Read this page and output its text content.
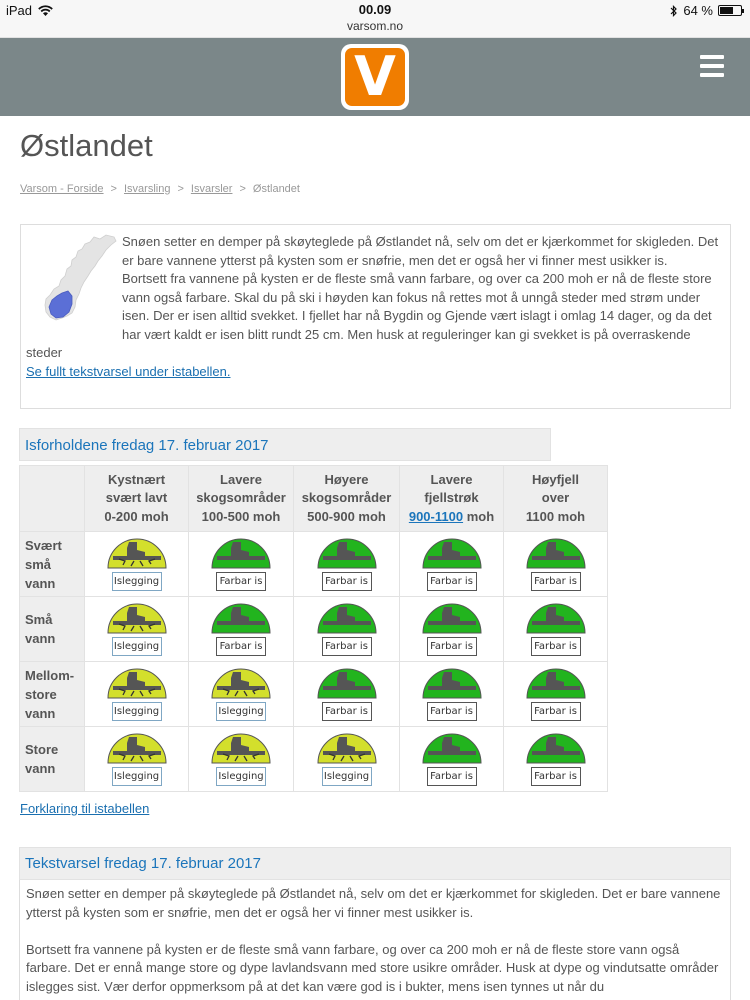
iPad	00.09
varsom.no
64 %
V
Østlandet
Varsom - Forside > Isvarsling > Isvarsler > Østlandet
Snøen setter en demper på skøyteglede på Østlandet nå, selv om det er kjærkommet for skigleden. Det er bare vannene ytterst på kysten som er snøfrie, men det er også her vi finner mest usikker is.
Bortsett fra vannene på kysten er de fleste små vann farbare, og over ca 200 moh er nå de fleste store vann også farbare. Skal du på ski i høyden kan fokus nå rettes mot å unngå steder med strøm under isen. Der er isen alltid svekket. I fjellet har nå Bygdin og Gjende vært islagt i omlag 14 dager, og da det har vært kaldt er isen blitt rundt 25 cm. Men husk at reguleringer kan gi svekket is på overraskende steder
Se fullt tekstvarsel under istabellen.
Isforholdene fredag 17. februar 2017
	Kystnært
svært lavt
0-200 moh	Lavere
skogsområder
100-500 moh	Høyere
skogsområder
500-900 moh	Lavere
fjellstrøk
900-1100 moh	Høyfjell
over
1100 moh
Svært
små
vann	Islegging	Farbar is	Farbar is	Farbar is	Farbar is

Små
vann	Islegging	Farbar is	Farbar is	Farbar is	Farbar is

Mellom-
store
vann	Islegging	Islegging	Farbar is	Farbar is	Farbar is

Store
vann	Islegging	Islegging	Islegging	Farbar is	Farbar is
Forklaring til istabellen
Tekstvarsel fredag 17. februar 2017

Snøen setter en demper på skøyteglede på Østlandet nå, selv om det er kjærkommet for skigleden. Det er bare vannene ytterst på kysten som er snøfrie, men det er også her vi finner mest usikker is.

Bortsett fra vannene på kysten er de fleste små vann farbare, og over ca 200 moh er nå de fleste store vann også farbare. Det er ennå mange store og dype lavlandsvann med store usikre områder. Husk at dype og vindutsatte områder islegges sist. Vær derfor oppmerksom på at det kan være god is i bukter, mens isen tynnes ut når du
